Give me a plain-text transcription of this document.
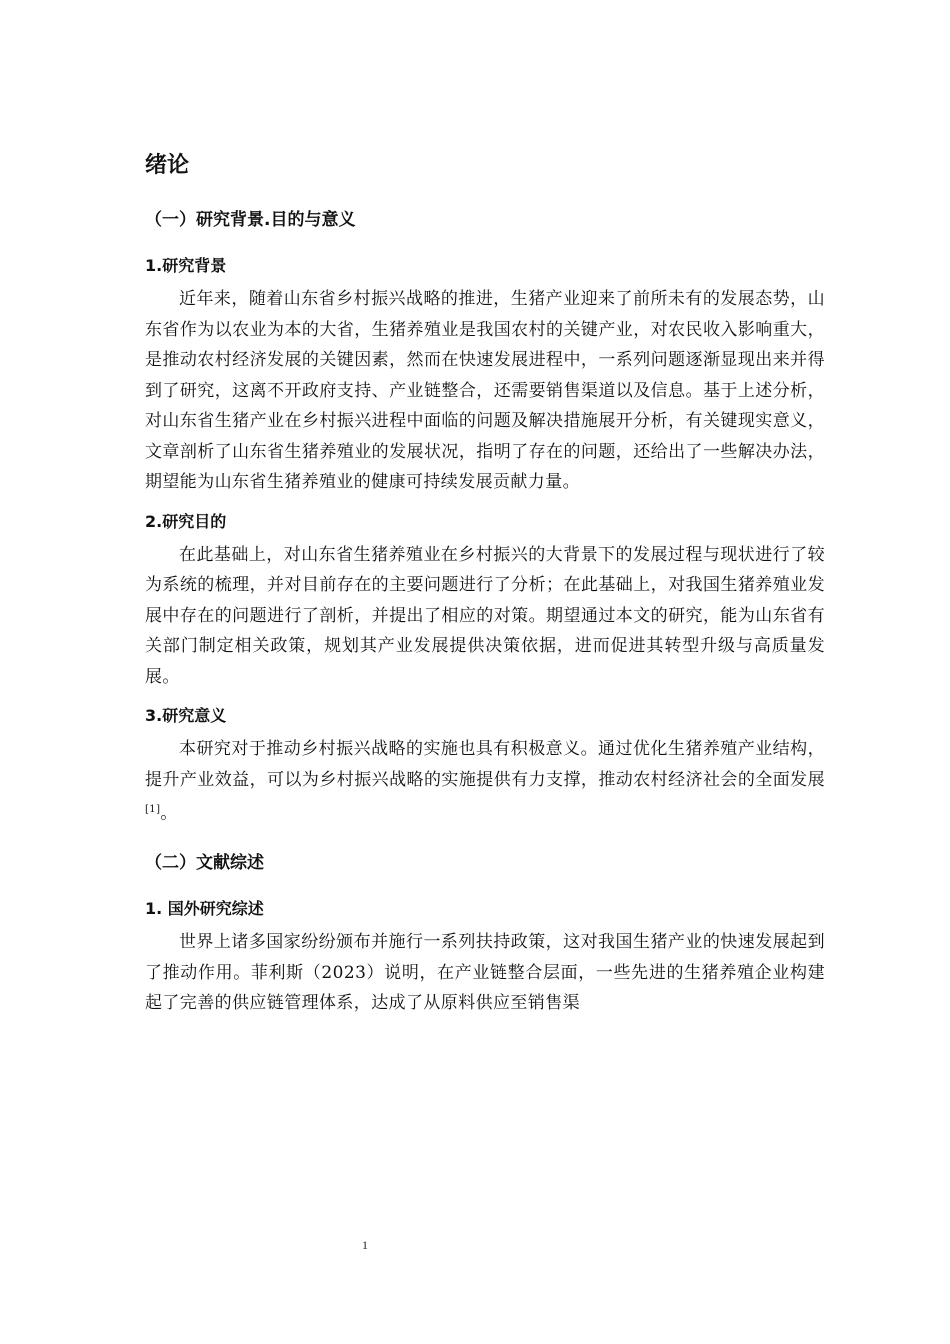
绪论
（一）研究背景.目的与意义
1.研究背景

近年来，随着山东省乡村振兴战略的推进，生猪产业迎来了前所未有的发展态势，山东省作为以农业为本的大省，生猪养殖业是我国农村的关键产业，对农民收入影响重大，是推动农村经济发展的关键因素，然而在快速发展进程中，一系列问题逐渐显现出来并得到了研究，这离不开政府支持、产业链整合，还需要销售渠道以及信息。基于上述分析，对山东省生猪产业在乡村振兴进程中面临的问题及解决措施展开分析，有关键现实意义，文章剖析了山东省生猪养殖业的发展状况，指明了存在的问题，还给出了一些解决办法，期望能为山东省生猪养殖业的健康可持续发展贡献力量。

2.研究目的

在此基础上，对山东省生猪养殖业在乡村振兴的大背景下的发展过程与现状进行了较为系统的梳理，并对目前存在的主要问题进行了分析；在此基础上，对我国生猪养殖业发展中存在的问题进行了剖析，并提出了相应的对策。期望通过本文的研究，能为山东省有关部门制定相关政策，规划其产业发展提供决策依据，进而促进其转型升级与高质量发展。

3.研究意义

本研究对于推动乡村振兴战略的实施也具有积极意义。通过优化生猪养殖产业结构，提升产业效益，可以为乡村振兴战略的实施提供有力支撑，推动农村经济社会的全面发展[1]。

（二）文献综述
1. 国外研究综述

世界上诸多国家纷纷颁布并施行一系列扶持政策，这对我国生猪产业的快速发展起到了推动作用。菲利斯（2023）说明，在产业链整合层面，一些先进的生猪养殖企业构建起了完善的供应链管理体系，达成了从原料供应至销售渠

1
